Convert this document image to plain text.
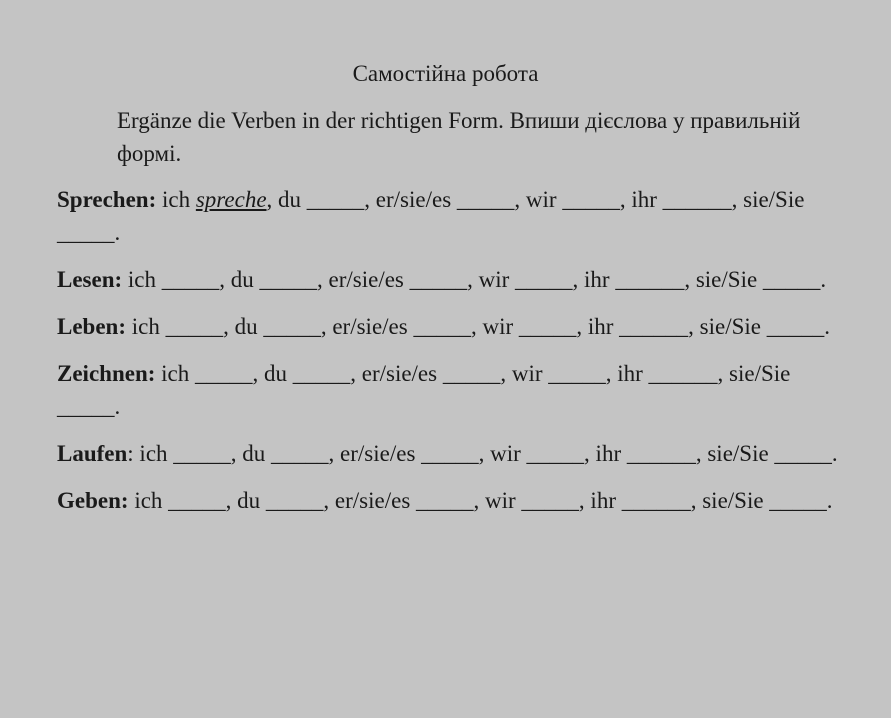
Самостійна робота

Ergänze die Verben in der richtigen Form. Впиши дієслова у правильній формі.

Sprechen: ich spreche, du _____, er/sie/es _____, wir _____, ihr ______, sie/Sie _____.
Lesen: ich _____, du _____, er/sie/es _____, wir _____, ihr ______, sie/Sie _____.
Leben: ich _____, du _____, er/sie/es _____, wir _____, ihr ______, sie/Sie _____.
Zeichnen: ich _____, du _____, er/sie/es _____, wir _____, ihr ______, sie/Sie _____.
Laufen: ich _____, du _____, er/sie/es _____, wir _____, ihr ______, sie/Sie _____.
Geben: ich _____, du _____, er/sie/es _____, wir _____, ihr ______, sie/Sie _____.
